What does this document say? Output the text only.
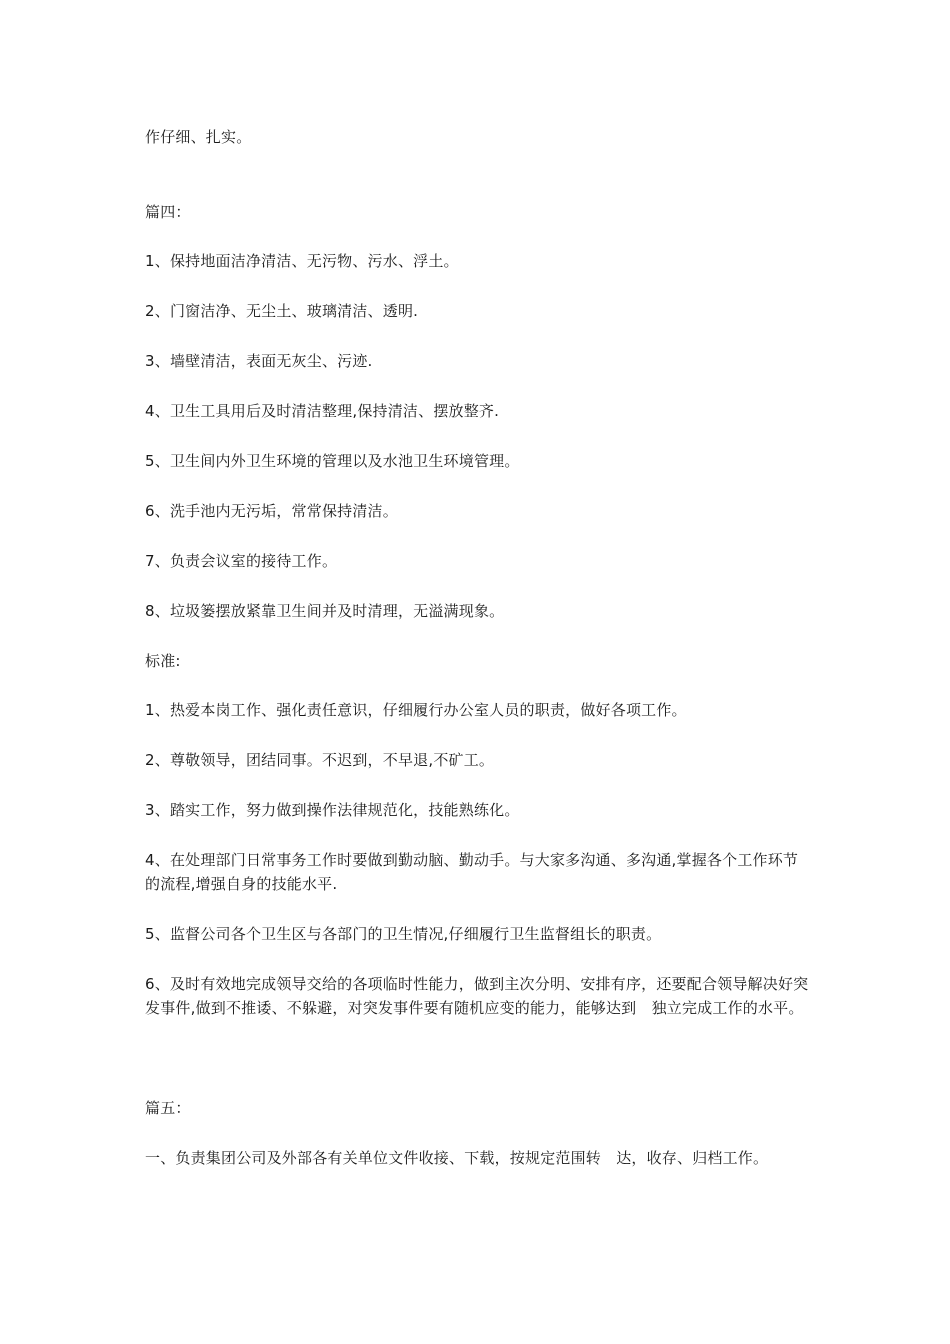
作仔细、扎实。

篇四：

1、保持地面洁净清洁、无污物、污水、浮土。

2、门窗洁净、无尘土、玻璃清洁、透明.

3、墙壁清洁，表面无灰尘、污迹.

4、卫生工具用后及时清洁整理,保持清洁、摆放整齐.

5、卫生间内外卫生环境的管理以及水池卫生环境管理。

6、洗手池内无污垢，常常保持清洁。

7、负责会议室的接待工作。

8、垃圾篓摆放紧靠卫生间并及时清理，无溢满现象。

标准:

1、热爱本岗工作、强化责任意识，仔细履行办公室人员的职责，做好各项工作。

2、尊敬领导，团结同事。不迟到，不早退,不矿工。

3、踏实工作，努力做到操作法律规范化，技能熟练化。

4、在处理部门日常事务工作时要做到勤动脑、勤动手。与大家多沟通、多沟通,掌握各个工作环节的流程,增强自身的技能水平.

5、监督公司各个卫生区与各部门的卫生情况,仔细履行卫生监督组长的职责。

6、及时有效地完成领导交给的各项临时性能力，做到主次分明、安排有序，还要配合领导解决好突发事件,做到不推诿、不躲避，对突发事件要有随机应变的能力，能够达到　独立完成工作的水平。

篇五：

一、负责集团公司及外部各有关单位文件收接、下载，按规定范围转　达，收存、归档工作。
